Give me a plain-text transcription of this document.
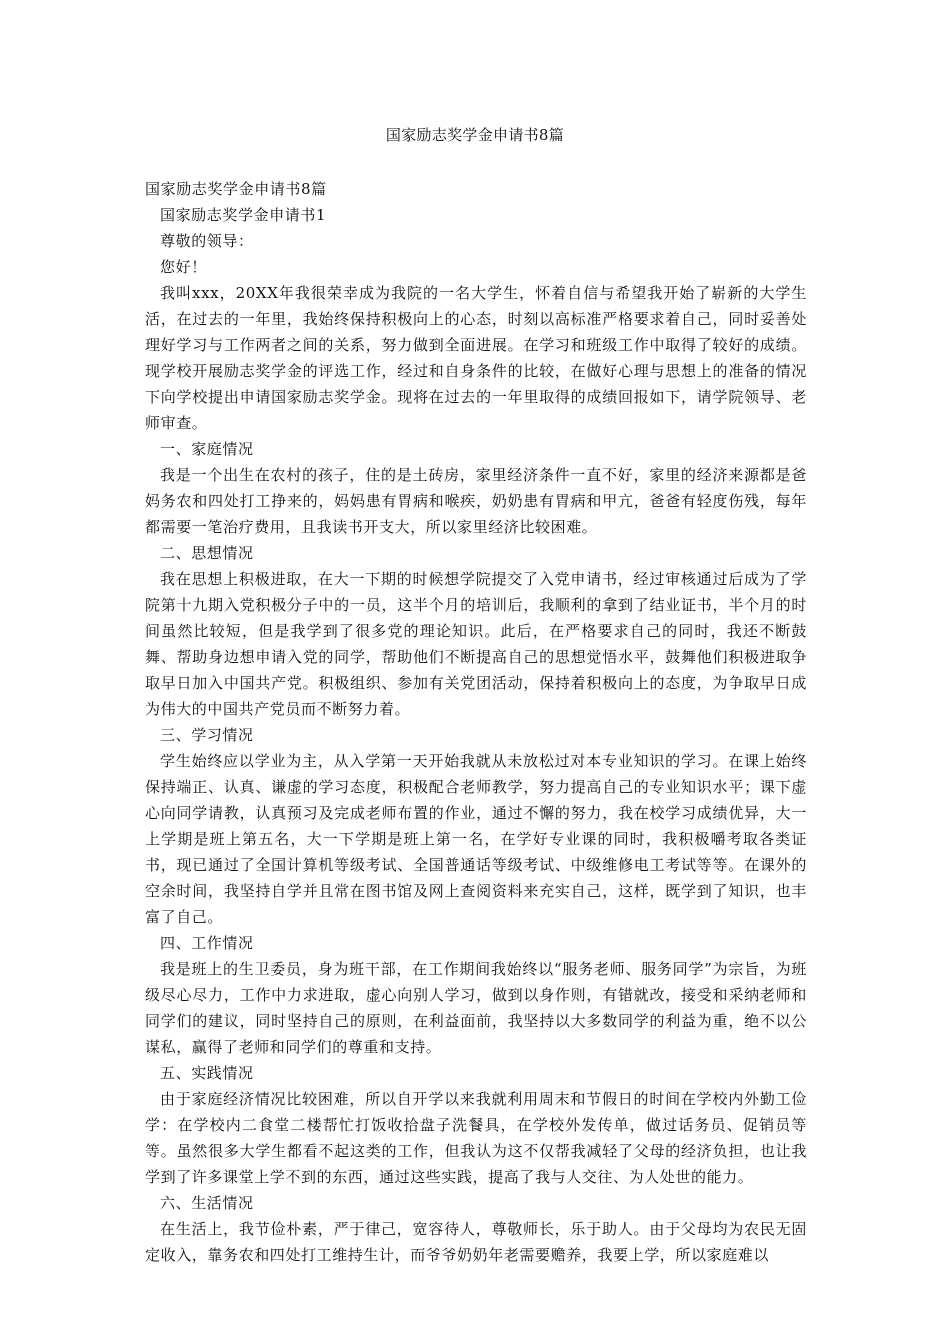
国家励志奖学金申请书8篇

国家励志奖学金申请书8篇

国家励志奖学金申请书1

尊敬的领导：

您好！

我叫xxx，20XX年我很荣幸成为我院的一名大学生，怀着自信与希望我开始了崭新的大学生活，在过去的一年里，我始终保持积极向上的心态，时刻以高标准严格要求着自己，同时妥善处理好学习与工作两者之间的关系，努力做到全面进展。在学习和班级工作中取得了较好的成绩。现学校开展励志奖学金的评选工作，经过和自身条件的比较，在做好心理与思想上的准备的情况下向学校提出申请国家励志奖学金。现将在过去的一年里取得的成绩回报如下，请学院领导、老师审查。

一、家庭情况

我是一个出生在农村的孩子，住的是土砖房，家里经济条件一直不好，家里的经济来源都是爸妈务农和四处打工挣来的，妈妈患有胃病和喉疾，奶奶患有胃病和甲亢，爸爸有轻度伤残，每年都需要一笔治疗费用，且我读书开支大，所以家里经济比较困难。

二、思想情况

我在思想上积极进取，在大一下期的时候想学院提交了入党申请书，经过审核通过后成为了学院第十九期入党积极分子中的一员，这半个月的培训后，我顺利的拿到了结业证书，半个月的时间虽然比较短，但是我学到了很多党的理论知识。此后，在严格要求自己的同时，我还不断鼓舞、帮助身边想申请入党的同学，帮助他们不断提高自己的思想觉悟水平，鼓舞他们积极进取争取早日加入中国共产党。积极组织、参加有关党团活动，保持着积极向上的态度，为争取早日成为伟大的中国共产党员而不断努力着。

三、学习情况

学生始终应以学业为主，从入学第一天开始我就从未放松过对本专业知识的学习。在课上始终保持端正、认真、谦虚的学习态度，积极配合老师教学，努力提高自己的专业知识水平；课下虚心向同学请教，认真预习及完成老师布置的作业，通过不懈的努力，我在校学习成绩优异，大一上学期是班上第五名，大一下学期是班上第一名，在学好专业课的同时，我积极嚼考取各类证书，现已通过了全国计算机等级考试、全国普通话等级考试、中级维修电工考试等等。在课外的空余时间，我坚持自学并且常在图书馆及网上查阅资料来充实自己，这样，既学到了知识，也丰富了自己。

四、工作情况

我是班上的生卫委员，身为班干部，在工作期间我始终以“服务老师、服务同学”为宗旨，为班级尽心尽力，工作中力求进取，虚心向别人学习，做到以身作则，有错就改，接受和采纳老师和同学们的建议，同时坚持自己的原则，在利益面前，我坚持以大多数同学的利益为重，绝不以公谋私，赢得了老师和同学们的尊重和支持。

五、实践情况

由于家庭经济情况比较困难，所以自开学以来我就利用周末和节假日的时间在学校内外勤工俭学：在学校内二食堂二楼帮忙打饭收拾盘子洗餐具，在学校外发传单，做过话务员、促销员等等。虽然很多大学生都看不起这类的工作，但我认为这不仅帮我减轻了父母的经济负担，也让我学到了许多课堂上学不到的东西，通过这些实践，提高了我与人交往、为人处世的能力。

六、生活情况

在生活上，我节俭朴素，严于律己，宽容待人，尊敬师长，乐于助人。由于父母均为农民无固定收入，靠务农和四处打工维持生计，而爷爷奶奶年老需要赡养，我要上学，所以家庭难以
